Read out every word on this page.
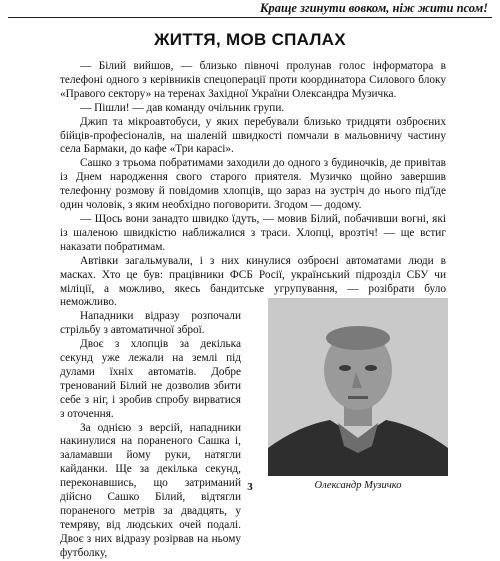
Краще згинути вовком, ніж жити псом!
ЖИТТЯ, МОВ СПАЛАХ

— Білий вийшов, — близько півночі пролунав голос інформатора в телефоні одного з керівників спецоперації проти координатора Силового блоку «Правого сектору» на теренах Західної України Олександра Музичка.

— Пішли! — дав команду очільник групи.

Джип та мікроавтобуси, у яких перебували близько тридцяти озброєних бійців-професіоналів, на шаленій швидкості помчали в мальовничу частину села Бармаки, до кафе «Три карасі».

Сашко з трьома побратимами заходили до одного з будиночків, де привітав із Днем народження свого старого приятеля. Музичко щойно завершив телефонну розмову й повідомив хлопців, що зараз на зустріч до нього під'їде один чоловік, з яким необхідно поговорити. Згодом — додому.

— Щось вони занадто швидко їдуть, — мовив Білий, побачивши вогні, які із шаленою швидкістю наближалися з траси. Хлопці, врозтіч! — ще встиг наказати побратимам.

Автівки загальмували, і з них кинулися озброєні автоматами люди в масках. Хто це був: працівники ФСБ Росії, український підрозділ СБУ чи міліції, а можливо, якесь бандитське угрупування, — розібрати було неможливо.

Нападники відразу розпочали стрільбу з автоматичної зброї.

Двоє з хлопців за декілька секунд уже лежали на землі під дулами їхніх автоматів. Добре тренований Білий не дозволив збити себе з ніг, і зробив спробу вирватися з оточення.

За однією з версій, нападники накинулися на пораненого Сашка і, заламавши йому руки, натягли кайданки. Ще за декілька секунд, переконавшись, що затриманий дійсно Сашко Білий, відтягли пораненого метрів за двадцять, у темряву, від людських очей подалі. Двоє з них відразу розірвав на ньому футболку,

Олександр Музичко
3
